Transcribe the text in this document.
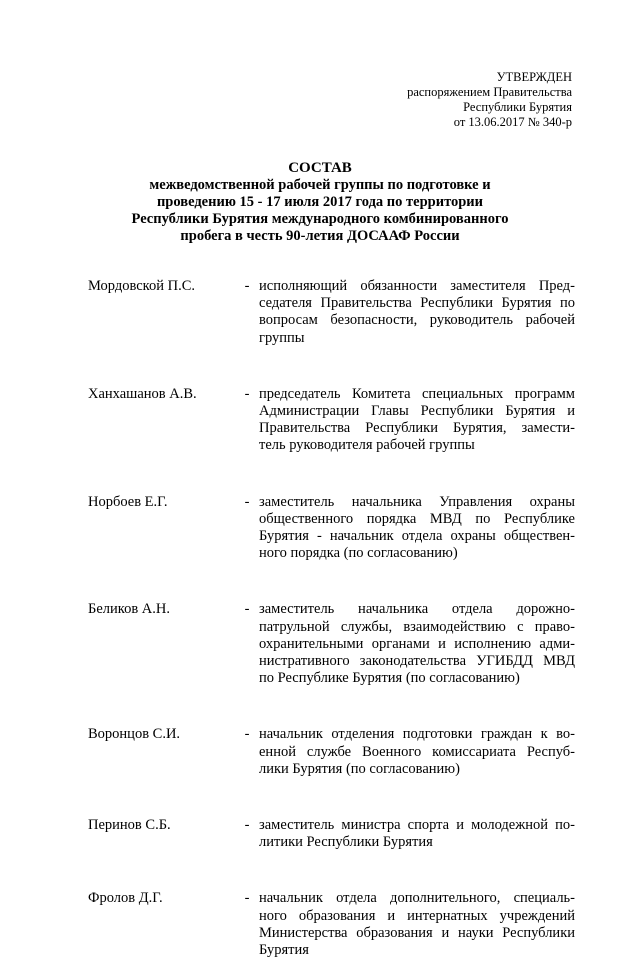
УТВЕРЖДЕН
распоряжением Правительства
Республики Бурятия
от 13.06.2017 № 340-р
СОСТАВ
межведомственной рабочей группы по подготовке и
проведению 15 - 17 июля 2017 года по территории
Республики Бурятия международного комбинированного
пробега в честь 90-летия ДОСААФ России
Мордовской П.С.	- исполняющий обязанности заместителя Пред-
седателя Правительства Республики Бурятия по
вопросам безопасности, руководитель рабочей
группы
Ханхашанов А.В.	- председатель Комитета специальных программ
Администрации Главы Республики Бурятия и
Правительства Республики Бурятия, замести-
тель руководителя рабочей группы
Норбоев Е.Г.	- заместитель начальника Управления охраны
общественного порядка МВД по Республике
Бурятия - начальник отдела охраны обществен-
ного порядка (по согласованию)
Беликов А.Н.	- заместитель начальника отдела дорожно-
патрульной службы, взаимодействию с право-
охранительными органами и исполнению адми-
нистративного законодательства УГИБДД МВД
по Республике Бурятия (по согласованию)
Воронцов С.И.	- начальник отделения подготовки граждан к во-
енной службе Военного комиссариата Респуб-
лики Бурятия (по согласованию)
Перинов С.Б.	- заместитель министра спорта и молодежной по-
литики Республики Бурятия
Фролов Д.Г.	- начальник отдела дополнительного, специаль-
ного образования и интернатных учреждений
Министерства образования и науки Республики
Бурятия
